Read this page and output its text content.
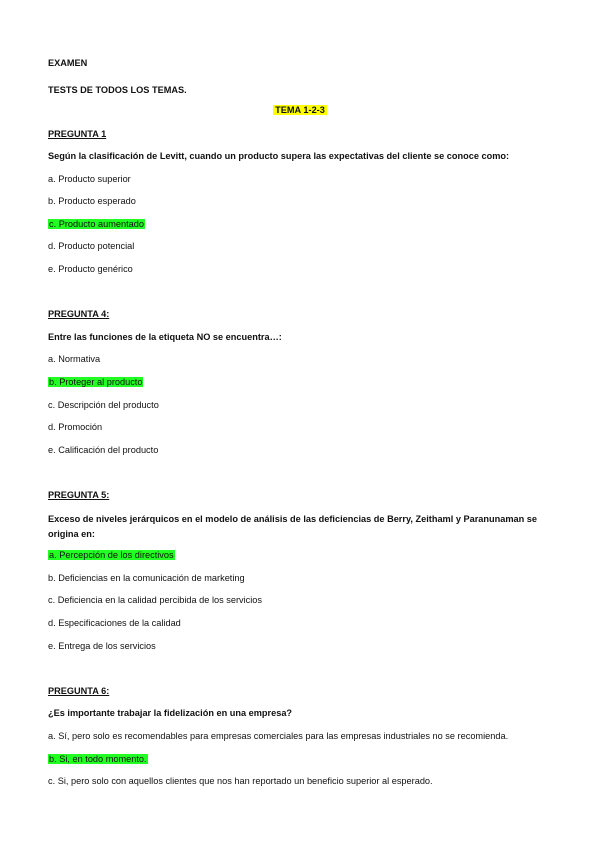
EXAMEN
TESTS DE TODOS LOS TEMAS.
TEMA 1-2-3
PREGUNTA 1
Según la clasificación de Levitt, cuando un producto supera las expectativas del cliente se conoce como:
a. Producto superior
b. Producto esperado
c. Producto aumentado
d. Producto potencial
e. Producto genérico
PREGUNTA 4:
Entre las funciones de la etiqueta NO se encuentra…:
a. Normativa
b. Proteger al producto
c. Descripción del producto
d. Promoción
e. Calificación del producto
PREGUNTA 5:
Exceso de niveles jerárquicos en el modelo de análisis de las deficiencias de Berry, Zeithaml y Paranunaman se origina en:
a. Percepción de los directivos
b. Deficiencias en la comunicación de marketing
c. Deficiencia en la calidad percibida de los servicios
d. Especificaciones de la calidad
e. Entrega de los servicios
PREGUNTA 6:
¿Es importante trabajar la fidelización en una empresa?
a. Sí, pero solo es recomendables para empresas comerciales para las empresas industriales no se recomienda.
b. Si, en todo momento.
c. Si, pero solo con aquellos clientes que nos han reportado un beneficio superior al esperado.
